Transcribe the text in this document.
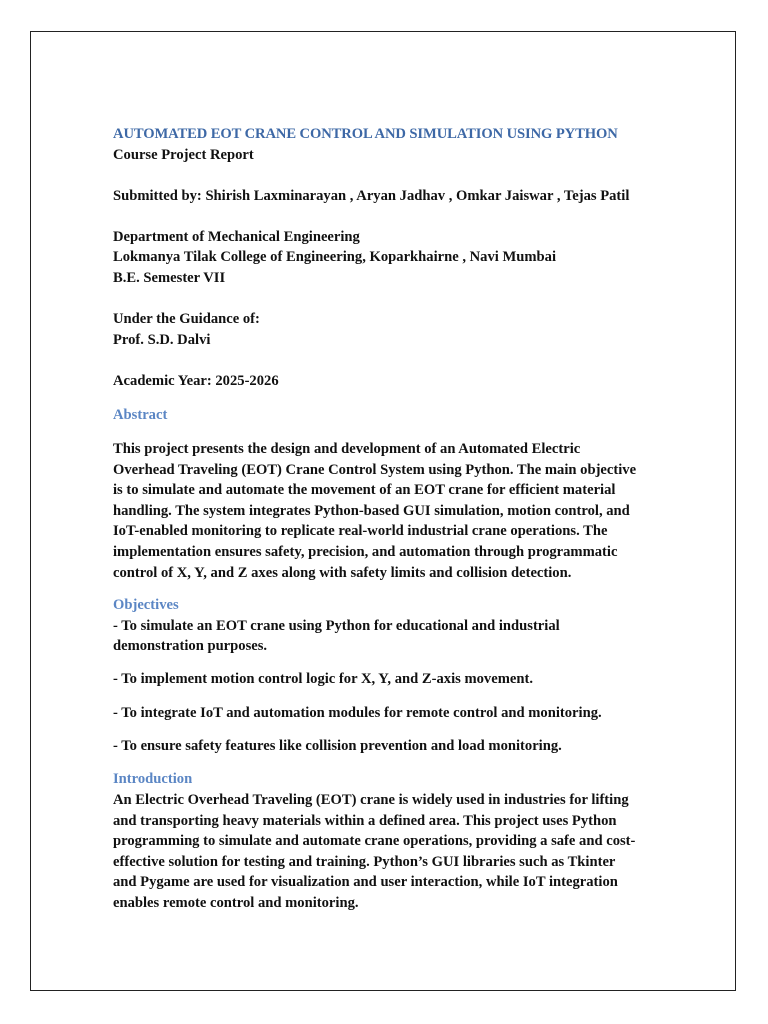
AUTOMATED EOT CRANE CONTROL AND SIMULATION USING PYTHON
Course Project Report
Submitted by: Shirish Laxminarayan , Aryan Jadhav , Omkar Jaiswar , Tejas Patil
Department of Mechanical Engineering
Lokmanya Tilak College of Engineering, Koparkhairne , Navi Mumbai
B.E. Semester VII
Under the Guidance of:
Prof. S.D. Dalvi
Academic Year: 2025-2026
Abstract
This project presents the design and development of an Automated Electric
Overhead Traveling (EOT) Crane Control System using Python. The main objective
is to simulate and automate the movement of an EOT crane for efficient material
handling. The system integrates Python-based GUI simulation, motion control, and
IoT-enabled monitoring to replicate real-world industrial crane operations. The
implementation ensures safety, precision, and automation through programmatic
control of X, Y, and Z axes along with safety limits and collision detection.
Objectives
- To simulate an EOT crane using Python for educational and industrial
demonstration purposes.
- To implement motion control logic for X, Y, and Z-axis movement.
- To integrate IoT and automation modules for remote control and monitoring.
- To ensure safety features like collision prevention and load monitoring.
Introduction
An Electric Overhead Traveling (EOT) crane is widely used in industries for lifting
and transporting heavy materials within a defined area. This project uses Python
programming to simulate and automate crane operations, providing a safe and cost-
effective solution for testing and training. Python’s GUI libraries such as Tkinter
and Pygame are used for visualization and user interaction, while IoT integration
enables remote control and monitoring.
